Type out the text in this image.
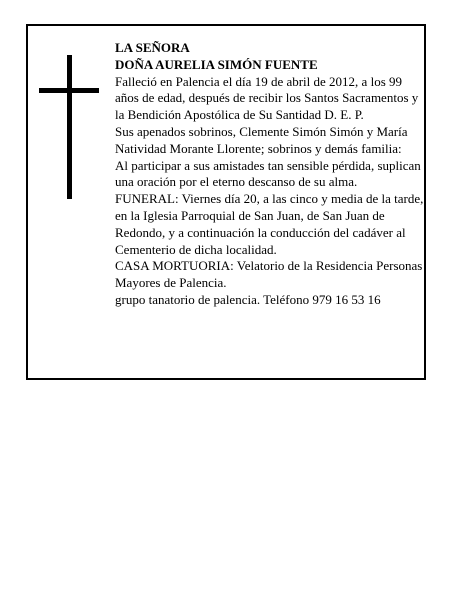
LA SEÑORA

DOÑA AURELIA SIMÓN FUENTE

Falleció en Palencia el día 19 de abril de 2012, a los 99 años de edad, después de recibir los Santos Sacramentos y la Bendición Apostólica de Su Santidad D. E. P.

Sus apenados sobrinos, Clemente Simón Simón y María Natividad Morante Llorente; sobrinos y demás familia:

Al participar a sus amistades tan sensible pérdida, suplican una oración por el eterno descanso de su alma.

FUNERAL: Viernes día 20, a las cinco y media de la tarde, en la Iglesia Parroquial de San Juan, de San Juan de Redondo, y a continuación la conducción del cadáver al Cementerio de dicha localidad.

CASA MORTUORIA: Velatorio de la Residencia Personas Mayores de Palencia.

grupo tanatorio de palencia. Teléfono 979 16 53 16
